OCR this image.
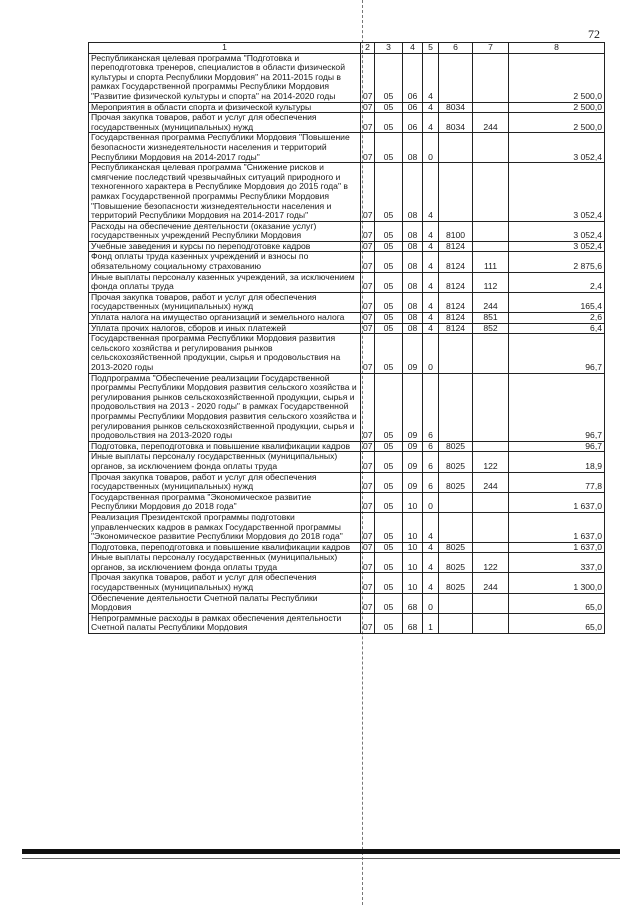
72
1	2	3	4	5	6	7	8
Республиканская целевая программа "Подготовка и переподготовка тренеров, специалистов в области физической культуры и спорта Республики Мордовия" на 2011-2015 годы в рамках Государственной программы Республики Мордовия "Развитие физической культуры и спорта" на 2014-2020 годы	07	05	06	4			2 500,0
Мероприятия в области спорта и физической культуры	07	05	06	4	8034		2 500,0
Прочая закупка товаров, работ и услуг для обеспечения государственных (муниципальных) нужд	07	05	06	4	8034	244	2 500,0
Государственная программа Республики Мордовия "Повышение безопасности жизнедеятельности населения и территорий Республики Мордовия на 2014-2017 годы"	07	05	08	0			3 052,4
Республиканская целевая программа "Снижение рисков и смягчение последствий чрезвычайных ситуаций природного и техногенного характера в Республике Мордовия до 2015 года" в рамках Государственной программы Республики Мордовия "Повышение безопасности жизнедеятельности населения и территорий Республики Мордовия на 2014-2017 годы"	07	05	08	4			3 052,4
Расходы на обеспечение деятельности (оказание услуг) государственных учреждений Республики Мордовия	07	05	08	4	8100		3 052,4
Учебные заведения и курсы по переподготовке кадров	07	05	08	4	8124		3 052,4
Фонд оплаты труда казенных учреждений и взносы по обязательному социальному страхованию	07	05	08	4	8124	111	2 875,6
Иные выплаты персоналу казенных учреждений, за исключением фонда оплаты труда	07	05	08	4	8124	112	2,4
Прочая закупка товаров, работ и услуг для обеспечения государственных (муниципальных) нужд	07	05	08	4	8124	244	165,4
Уплата налога на имущество организаций и земельного налога	07	05	08	4	8124	851	2,6
Уплата прочих налогов, сборов и иных платежей	07	05	08	4	8124	852	6,4
Государственная программа Республики Мордовия развития сельского хозяйства и регулирования рынков сельскохозяйственной продукции, сырья и продовольствия на 2013-2020 годы	07	05	09	0			96,7
Подпрограмма "Обеспечение реализации Государственной программы Республики Мордовия развития сельского хозяйства и регулирования рынков сельскохозяйственной продукции, сырья и продовольствия на 2013 - 2020 годы" в рамках Государственной программы Республики Мордовия развития сельского хозяйства и регулирования рынков сельскохозяйственной продукции, сырья и продовольствия на 2013-2020 годы	07	05	09	6			96,7
Подготовка, переподготовка и повышение квалификации кадров	07	05	09	6	8025		96,7
Иные выплаты персоналу государственных (муниципальных) органов, за исключением фонда оплаты труда	07	05	09	6	8025	122	18,9
Прочая закупка товаров, работ и услуг для обеспечения государственных (муниципальных) нужд	07	05	09	6	8025	244	77,8
Государственная программа "Экономическое развитие Республики Мордовия до 2018 года"	07	05	10	0			1 637,0
Реализация Президентской программы подготовки управленческих кадров в рамках Государственной программы "Экономическое развитие Республики Мордовия до 2018 года"	07	05	10	4			1 637,0
Подготовка, переподготовка и повышение квалификации кадров	07	05	10	4	8025		1 637,0
Иные выплаты персоналу государственных (муниципальных) органов, за исключением фонда оплаты труда	07	05	10	4	8025	122	337,0
Прочая закупка товаров, работ и услуг для обеспечения государственных (муниципальных) нужд	07	05	10	4	8025	244	1 300,0
Обеспечение деятельности Счетной палаты Республики Мордовия	07	05	68	0			65,0
Непрограммные расходы в рамках обеспечения деятельности Счетной палаты Республики Мордовия	07	05	68	1			65,0
